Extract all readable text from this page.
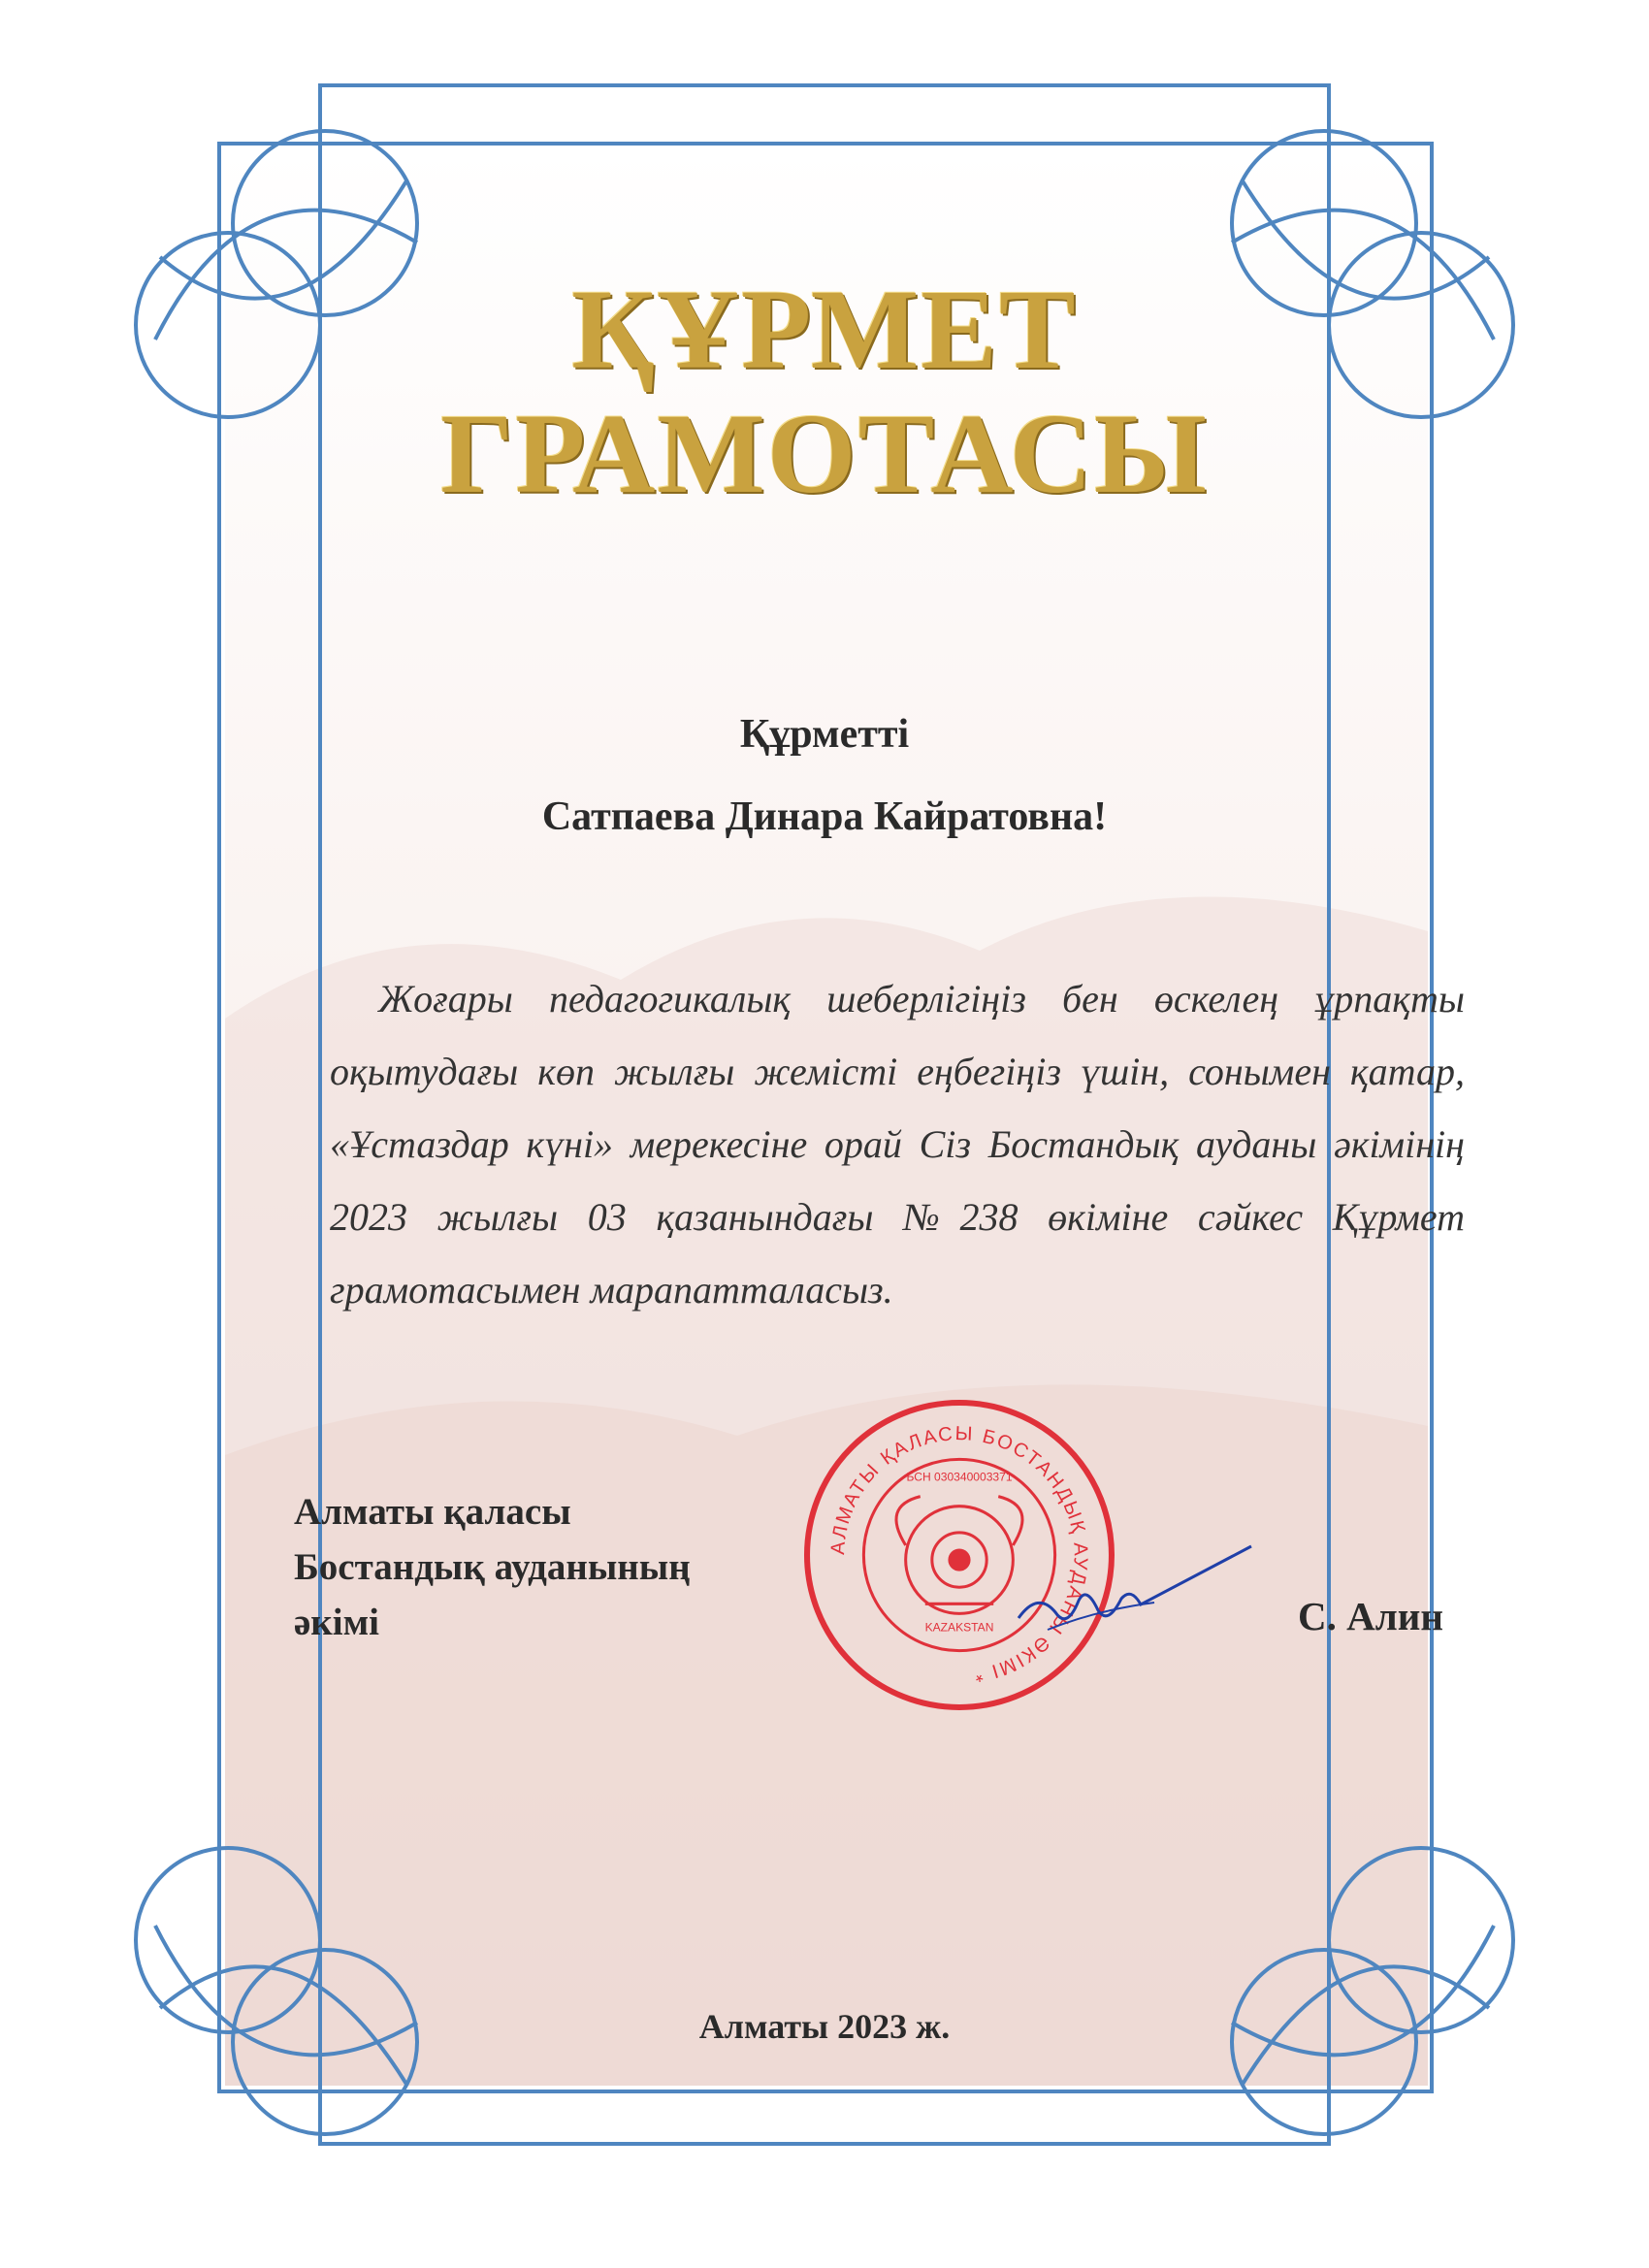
ҚҰРМЕТ
ГРАМОТАСЫ
Құрметті
Сатпаева Динара Кайратовна!
Жоғары педагогикалық шеберлігіңіз бен өскелең ұрпақты оқытудағы көп жылғы жемісті еңбегіңіз үшін, сонымен қатар, «Ұстаздар күні» мерекесіне орай Сіз Бостандық ауданы әкімінің 2023 жылғы 03 қазанындағы №238 өкіміне сәйкес Құрмет грамотасымен марапатталасыз.
Алматы қаласы
Бостандық ауданының
әкімі
АЛМАТЫ ҚАЛАСЫ БОСТАНДЫҚ АУДАНЫ ӘКІМІ *
БСН 030340003371
KAZAKSTAN	С. Алин
Алматы 2023 ж.
